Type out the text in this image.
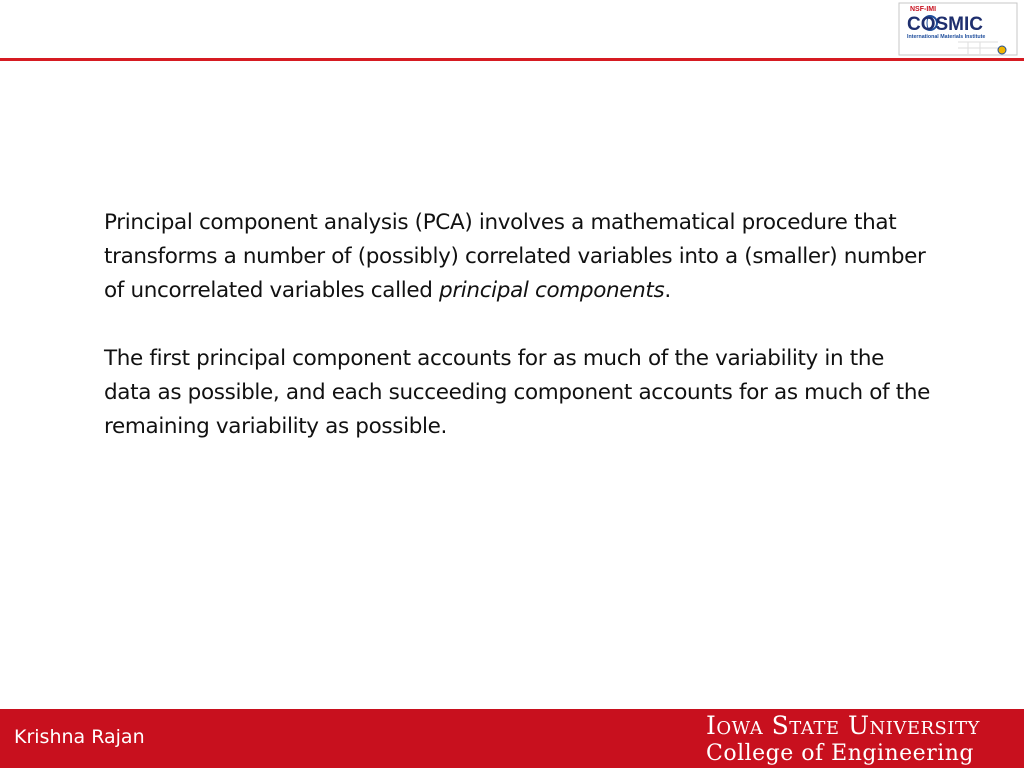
NSF-IMI
COSMIC
International Materials Institute

Principal component analysis (PCA) involves a mathematical procedure that transforms a number of (possibly) correlated variables into a (smaller) number of uncorrelated variables called principal components.

The first principal component accounts for as much of the variability in the data as possible, and each succeeding component accounts for as much of the remaining variability as possible.

Krishna Rajan	Iowa State University
College of Engineering
